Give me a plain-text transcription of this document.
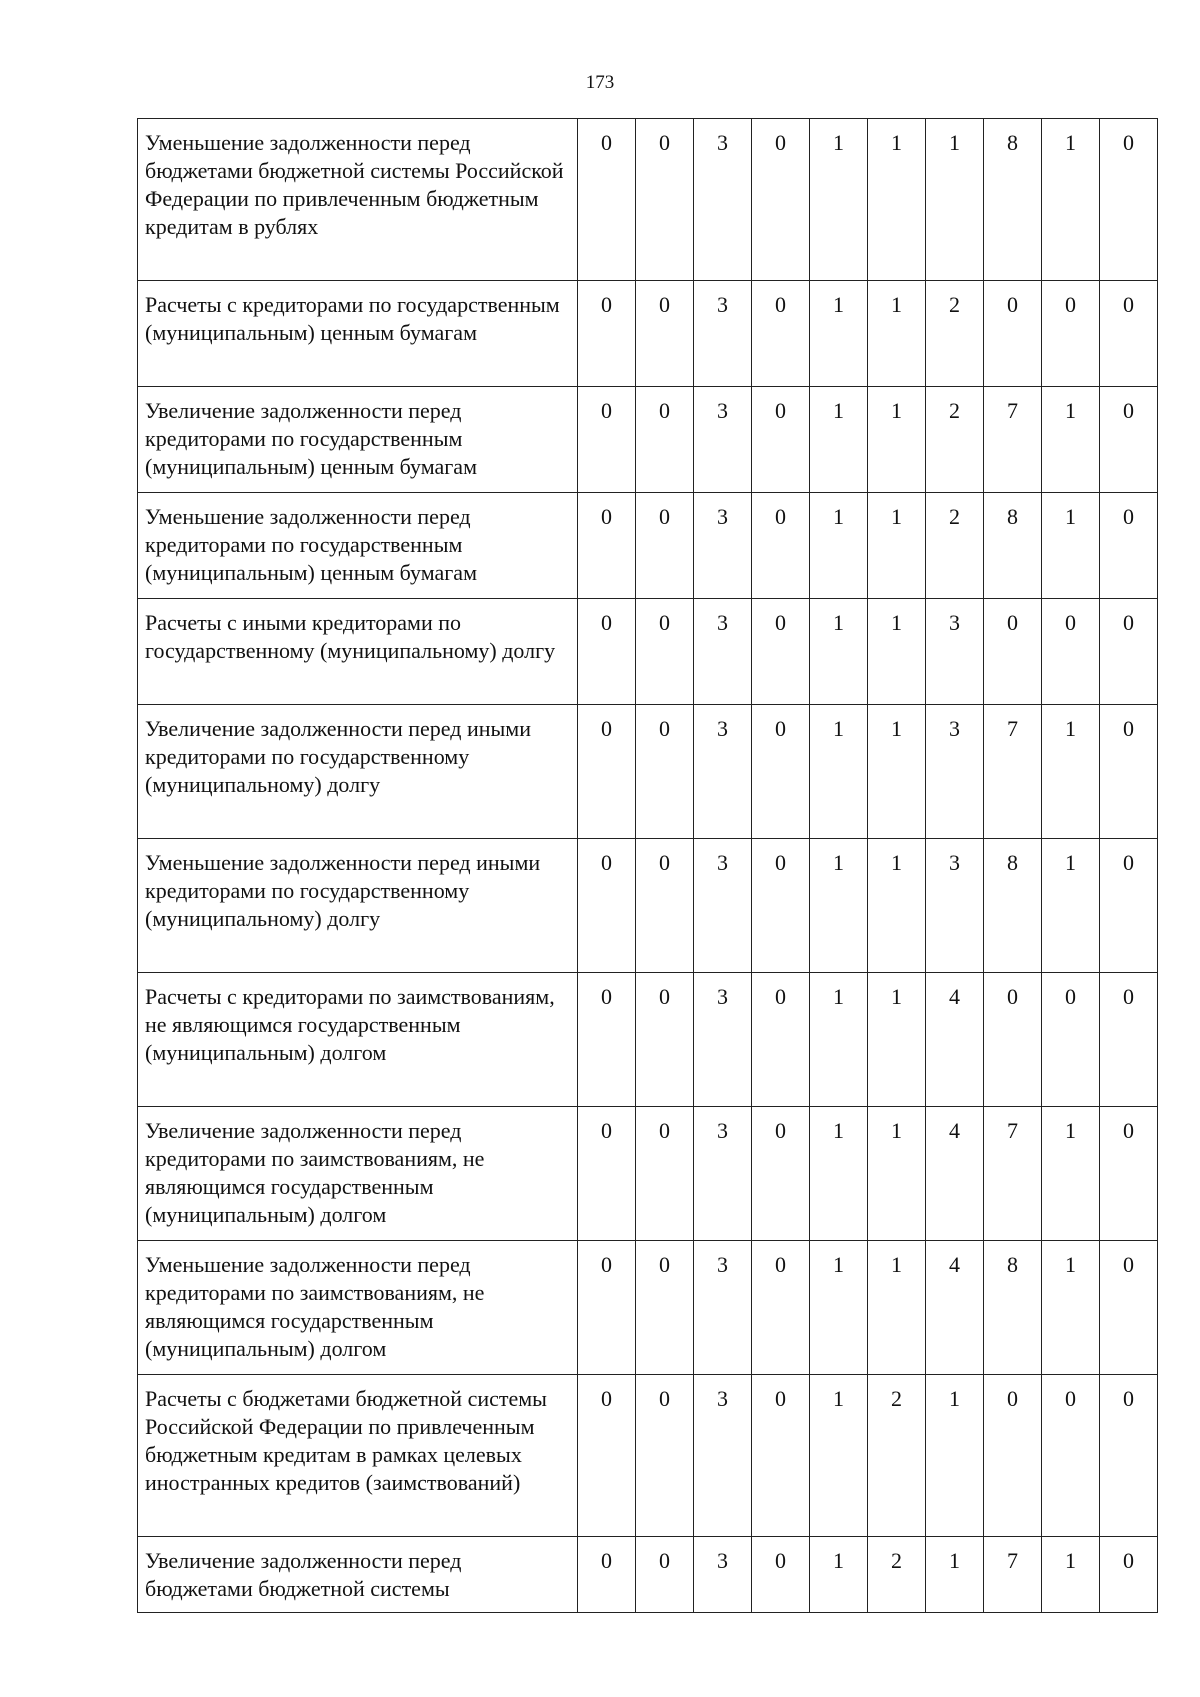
173
Уменьшение задолженности перед бюджетами бюджетной системы Российской Федерации по привлеченным бюджетным кредитам в рублях	0	0	3	0	1	1	1	8	1	0
Расчеты с кредиторами по государственным (муниципальным) ценным бумагам	0	0	3	0	1	1	2	0	0	0
Увеличение задолженности перед кредиторами по государственным (муниципальным) ценным бумагам	0	0	3	0	1	1	2	7	1	0
Уменьшение задолженности перед кредиторами по государственным (муниципальным) ценным бумагам	0	0	3	0	1	1	2	8	1	0
Расчеты с иными кредиторами по государственному (муниципальному) долгу	0	0	3	0	1	1	3	0	0	0
Увеличение задолженности перед иными кредиторами по государственному (муниципальному) долгу	0	0	3	0	1	1	3	7	1	0
Уменьшение задолженности перед иными кредиторами по государственному (муниципальному) долгу	0	0	3	0	1	1	3	8	1	0
Расчеты с кредиторами по заимствованиям, не являющимся государственным (муниципальным) долгом	0	0	3	0	1	1	4	0	0	0
Увеличение задолженности перед кредиторами по заимствованиям, не являющимся государственным (муниципальным) долгом	0	0	3	0	1	1	4	7	1	0
Уменьшение задолженности перед кредиторами по заимствованиям, не являющимся государственным (муниципальным) долгом	0	0	3	0	1	1	4	8	1	0
Расчеты с бюджетами бюджетной системы Российской Федерации по привлеченным бюджетным кредитам в рамках целевых иностранных кредитов (заимствований)	0	0	3	0	1	2	1	0	0	0
Увеличение задолженности перед бюджетами бюджетной системы	0	0	3	0	1	2	1	7	1	0
